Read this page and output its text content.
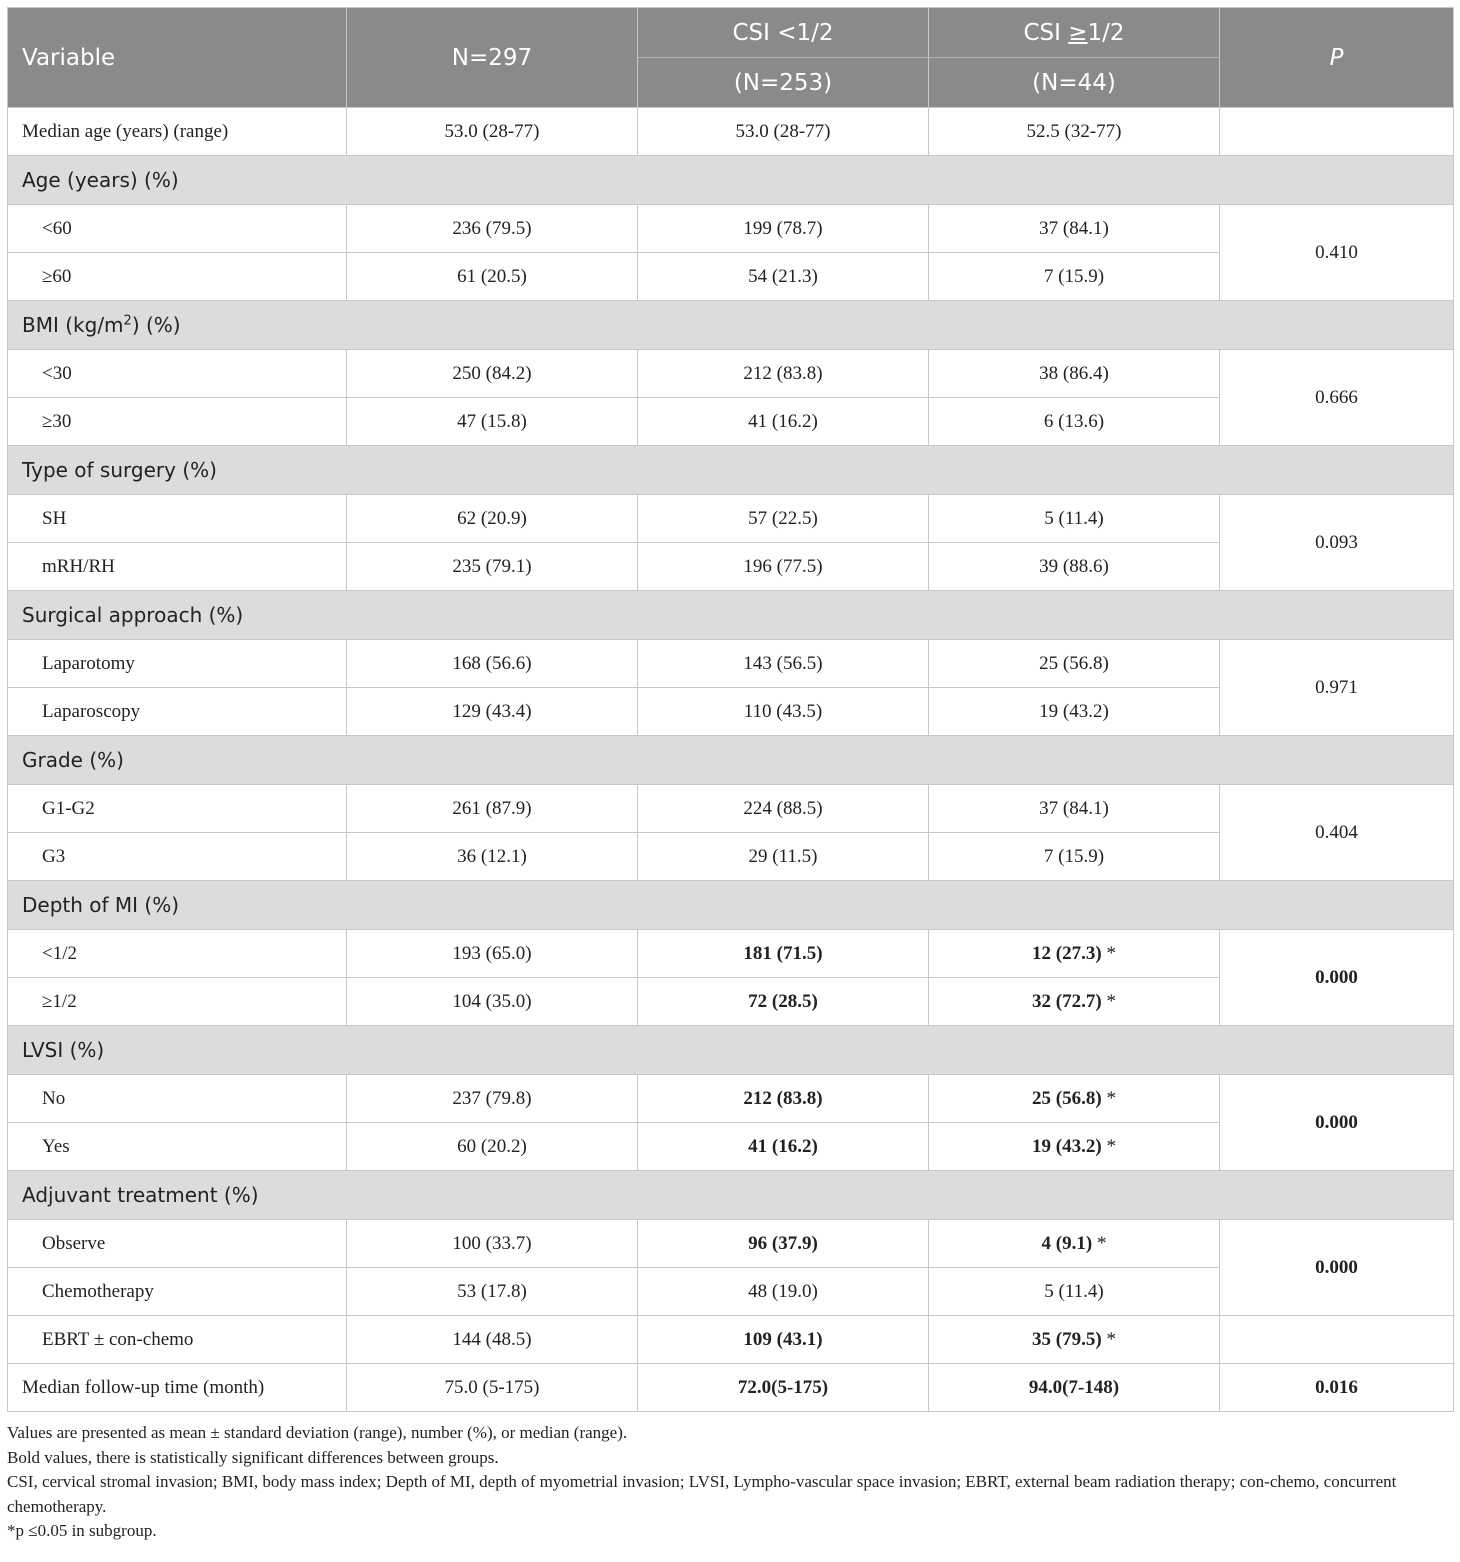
Variable	N=297	CSI <1/2	CSI ≥1/2	P
		(N=253)	(N=44)	
Median age (years) (range)	53.0 (28-77)	53.0 (28-77)	52.5 (32-77)	
Age (years) (%)				
<60	236 (79.5)	199 (78.7)	37 (84.1)	0.410
≥60	61 (20.5)	54 (21.3)	7 (15.9)	
BMI $(kg/m^2)$ (%)				
<30	250 (84.2)	212 (83.8)	38 (86.4)	0.666
≥30	47 (15.8)	41 (16.2)	6 (13.6)	
Type of surgery (%)				
SH	62 (20.9)	57 (22.5)	5 (11.4)	0.093
mRH/RH	235 (79.1)	196 (77.5)	39 (88.6)	
Surgical approach (%)				
Laparotomy	168 (56.6)	143 (56.5)	25 (56.8)	0.971
Laparoscopy	129 (43.4)	110 (43.5)	19 (43.2)	
Grade (%)				
G1-G2	261 (87.9)	224 (88.5)	37 (84.1)	0.404
G3	36 (12.1)	29 (11.5)	7 (15.9)	
Depth of MI (%)				
<1/2	193 (65.0)	181 (71.5)	12 (27.3) *	0.000
≥1/2	104 (35.0)	72 (28.5)	32 (72.7) *	
LVSI (%)				
No	237 (79.8)	212 (83.8)	25 (56.8) *	0.000
Yes	60 (20.2)	41 (16.2)	19 (43.2) *	
Adjuvant treatment (%)				
Observe	100 (33.7)	96 (37.9)	4 (9.1) *	0.000
Chemotherapy	53 (17.8)	48 (19.0)	5 (11.4)	
EBRT ± con-chemo	144 (48.5)	109 (43.1)	35 (79.5) *	
Median follow-up time (month)	75.0 (5-175)	72.0(5-175)	94.0(7-148)	0.016
Values are presented as mean ± standard deviation (range), number (%), or median (range).
Bold values, there is statistically significant differences between groups.
CSI, cervical stromal invasion; BMI, body mass index; Depth of MI, depth of myometrial invasion; LVSI, Lympho-vascular space invasion; EBRT, external beam radiation therapy; con-chemo, concurrent chemotherapy.
*p ≤0.05 in subgroup.
